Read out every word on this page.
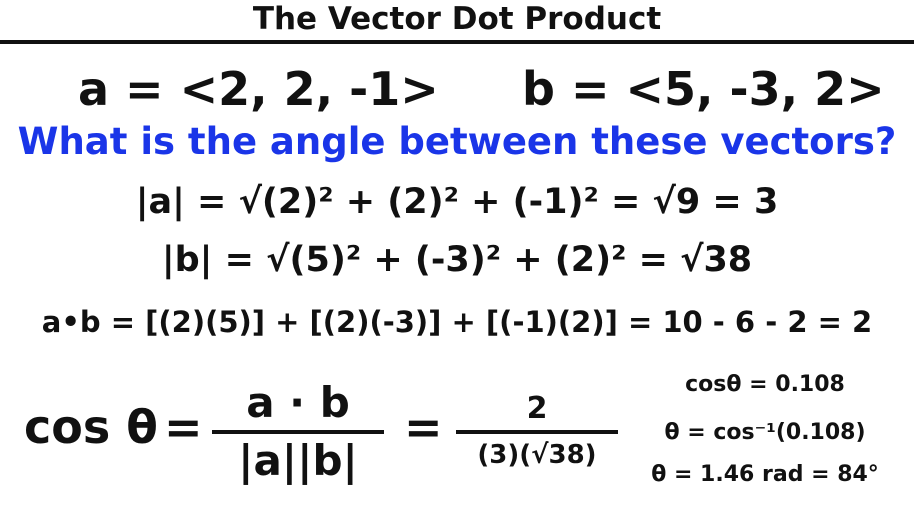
The Vector Dot Product
a = <2, 2, -1> b = <5, -3, 2>
What is the angle between these vectors?
|a| = √(2)² + (2)² + (-1)² = √9 = 3
|b| = √(5)² + (-3)² + (2)² = √38
a•b = [(2)(5)] + [(2)(-3)] + [(-1)(2)] = 10 - 6 - 2 = 2
cos θ =	a · b
|a||b|
=	2
(3)(√38)
cosθ = 0.108
θ = cos⁻¹(0.108)
θ = 1.46 rad = 84°
